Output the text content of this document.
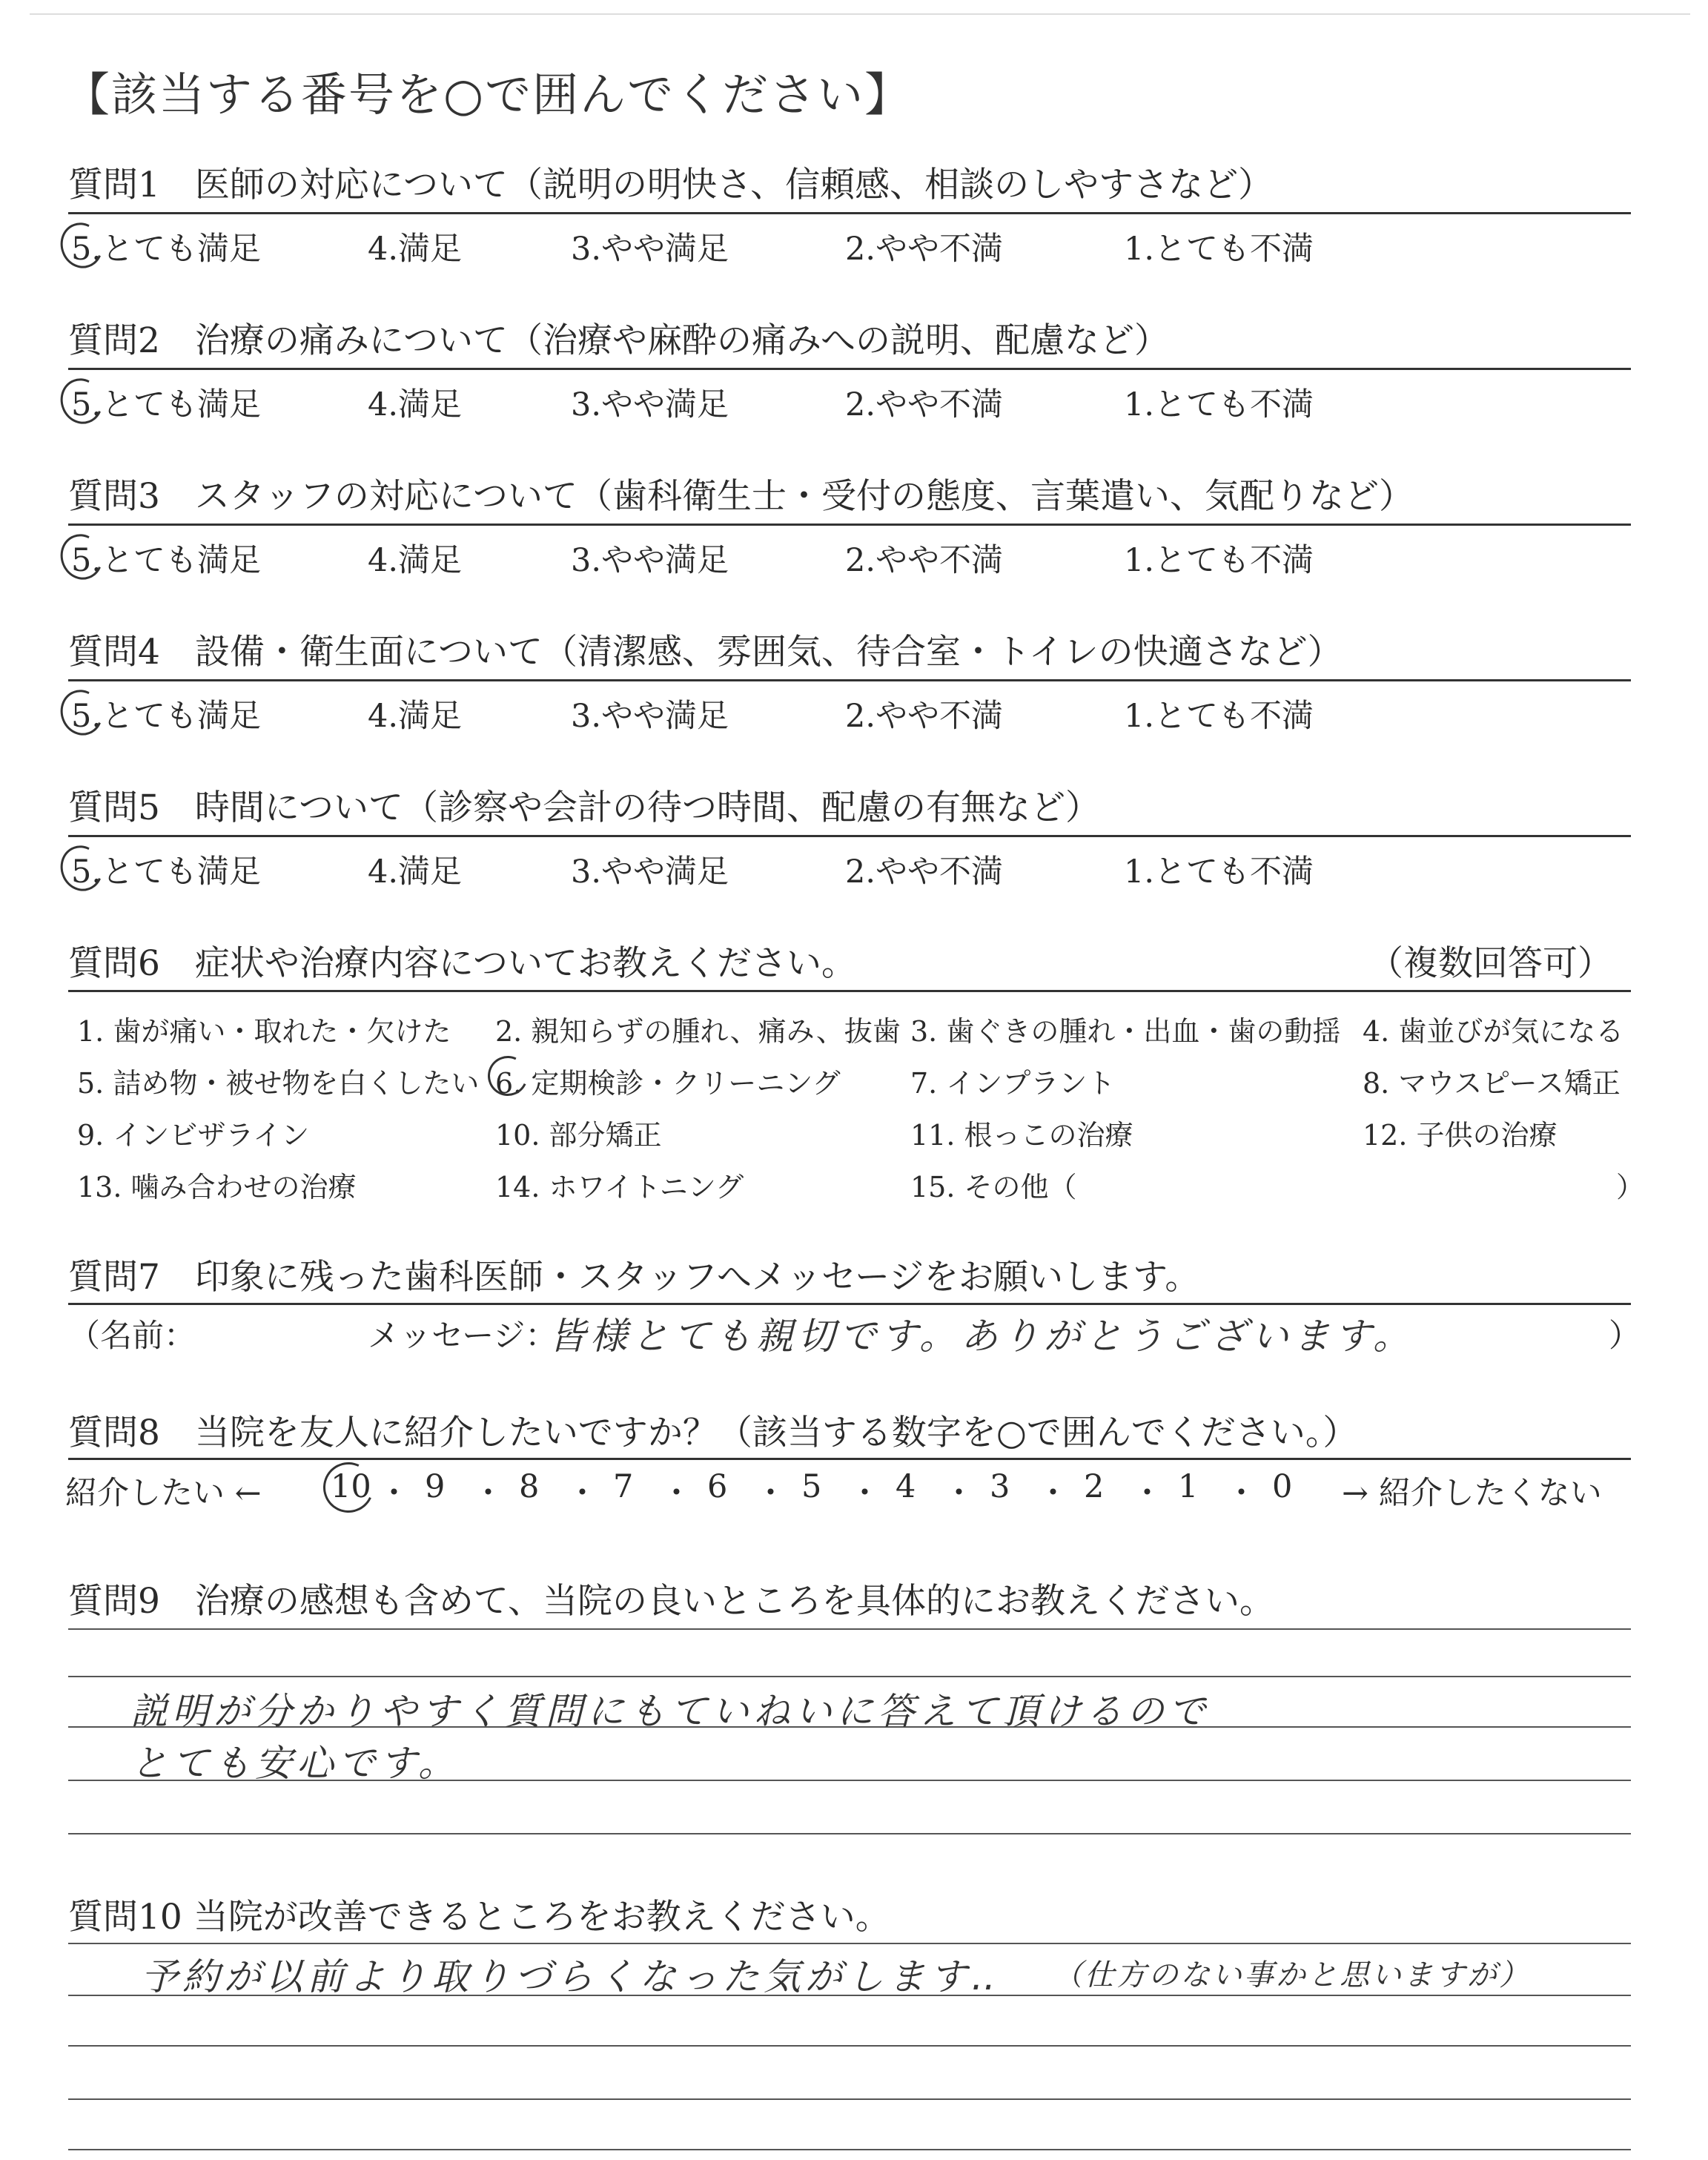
【該当する番号を○で囲んでください】
質問1　医師の対応について（説明の明快さ、信頼感、相談のしやすさなど）
5.とても満足	4.満足	3.やや満足	2.やや不満	1.とても不満
質問2　治療の痛みについて（治療や麻酔の痛みへの説明、配慮など）
5.とても満足	4.満足	3.やや満足	2.やや不満	1.とても不満
質問3　スタッフの対応について（歯科衛生士・受付の態度、言葉遣い、気配りなど）
5.とても満足	4.満足	3.やや満足	2.やや不満	1.とても不満
質問4　設備・衛生面について（清潔感、雰囲気、待合室・トイレの快適さなど）
5.とても満足	4.満足	3.やや満足	2.やや不満	1.とても不満
質問5　時間について（診察や会計の待つ時間、配慮の有無など）
5.とても満足	4.満足	3.やや満足	2.やや不満	1.とても不満
質問6　症状や治療内容についてお教えください。	（複数回答可）
1. 歯が痛い・取れた・欠けた 2. 親知らずの腫れ、痛み、抜歯 3. 歯ぐきの腫れ・出血・歯の動揺 4. 歯並びが気になる
5. 詰め物・被せ物を白くしたい 6. 定期検診・クリーニング 7. インプラント	8. マウスピース矯正
9. インビザライン	10. 部分矯正	11. 根っこの治療	12. 子供の治療
13. 噛み合わせの治療	14. ホワイトニング	15. その他（	）
質問7　印象に残った歯科医師・スタッフへメッセージをお願いします。
（名前：	メッセージ：
皆様とても親切です。ありがとうございます。	）
質問8　当院を友人に紹介したいですか？（該当する数字を○で囲んでください。）
紹介したい ← 10 ・ 9 ・ 8 ・ 7 ・ 6 ・ 5 ・ 4 ・ 3 ・ 2 ・ 1 ・ 0 → 紹介したくない
質問9　治療の感想も含めて、当院の良いところを具体的にお教えください。
説明が分かりやすく質問にもていねいに答えて頂けるので
とても安心です。
質問10 当院が改善できるところをお教えください。
予約が以前より取りづらくなった気がします‥ （仕方のない事かと思いますが）
